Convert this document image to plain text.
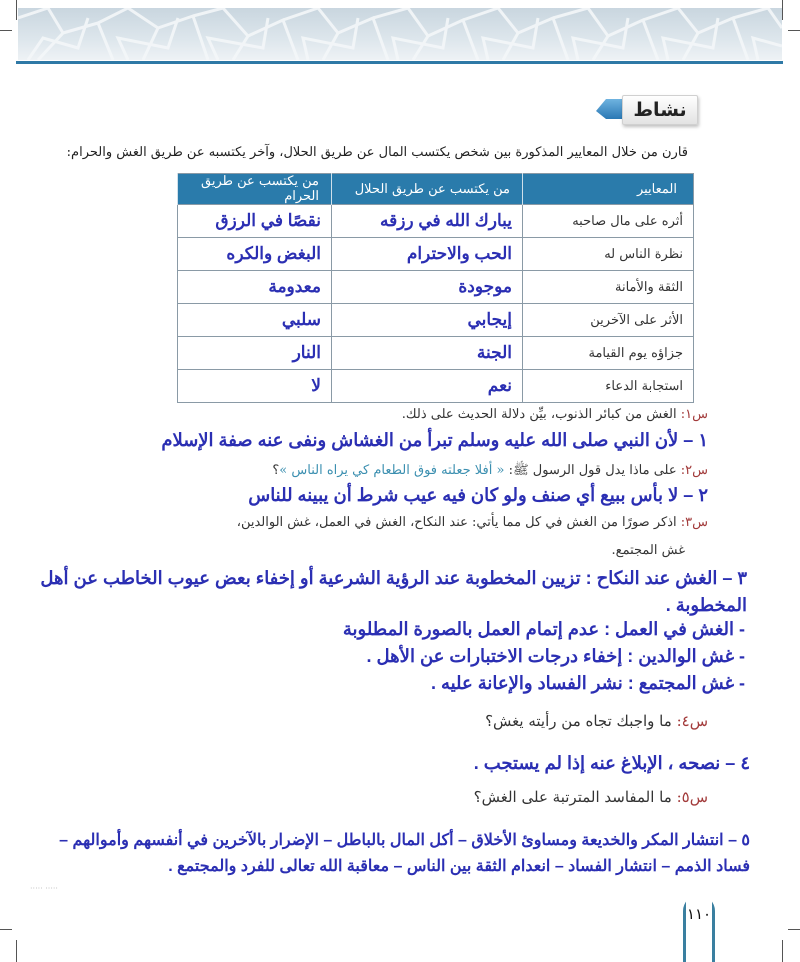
نشاط
قارن من خلال المعايير المذكورة بين شخص يكتسب المال عن طريق الحلال، وآخر يكتسبه عن طريق الغش والحرام:
المعايير	من يكتسب عن طريق الحلال	من يكتسب عن طريق الحرام
أثره على مال صاحبه	يبارك الله في رزقه	نقصًا في الرزق
نظرة الناس له	الحب والاحترام	البغض والكره
الثقة والأمانة	موجودة	معدومة
الأثر على الآخرين	إيجابي	سلبي
جزاؤه يوم القيامة	الجنة	النار
استجابة الدعاء	نعم	لا
س١: الغش من كبائر الذنوب، بيِّن دلالة الحديث على ذلك.
١ – لأن النبي صلى الله عليه وسلم تبرأ من الغشاش ونفى عنه صفة الإسلام
س٢: على ماذا يدل قول الرسول ﷺ: « أفلا جعلته فوق الطعام كي يراه الناس »؟
٢ – لا بأس ببيع أي صنف ولو كان فيه عيب شرط أن يبينه للناس
س٣: اذكر صورًا من الغش في كل مما يأتي: عند النكاح، الغش في العمل، غش الوالدين،
غش المجتمع.
٣ – الغش عند النكاح : تزيين المخطوبة عند الرؤية الشرعية أو إخفاء بعض عيوب الخاطب عن أهل المخطوبة .
- الغش في العمل : عدم إتمام العمل بالصورة المطلوبة
- غش الوالدين : إخفاء درجات الاختبارات عن الأهل .
- غش المجتمع : نشر الفساد والإعانة عليه .
س٤: ما واجبك تجاه من رأيته يغش؟
٤ – نصحه ، الإبلاغ عنه إذا لم يستجب .
س٥: ما المفاسد المترتبة على الغش؟
٥ – انتشار المكر والخديعة ومساوئ الأخلاق – أكل المال بالباطل – الإضرار بالآخرين في أنفسهم وأموالهم – فساد الذمم – انتشار الفساد – انعدام الثقة بين الناس – معاقبة الله تعالى للفرد والمجتمع .
····· ·····
١١٠
